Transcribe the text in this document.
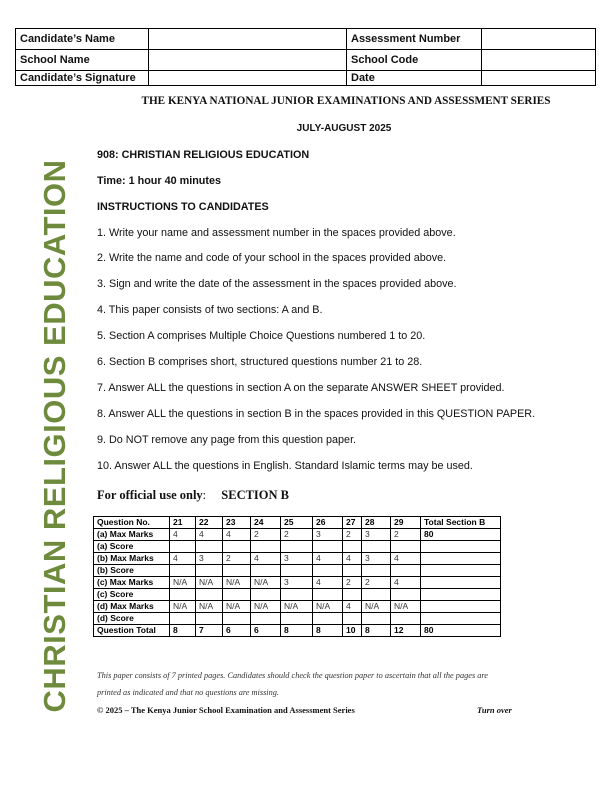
Candidate’s Name		Assessment Number	
School Name		School Code	
Candidate’s Signature		Date	
THE KENYA NATIONAL JUNIOR EXAMINATIONS AND ASSESSMENT SERIES
JULY-AUGUST 2025
908: CHRISTIAN RELIGIOUS EDUCATION
Time: 1 hour 40 minutes
INSTRUCTIONS TO CANDIDATES
CHRISTIAN RELIGIOUS EDUCATION 1. Write your name and assessment number in the spaces provided above.
2. Write the name and code of your school in the spaces provided above.
3. Sign and write the date of the assessment in the spaces provided above.
4. This paper consists of two sections: A and B.
5. Section A comprises Multiple Choice Questions numbered 1 to 20.
6. Section B comprises short, structured questions number 21 to 28.
7. Answer ALL the questions in section A on the separate ANSWER SHEET provided.
8. Answer ALL the questions in section B in the spaces provided in this QUESTION PAPER.
9. Do NOT remove any page from this question paper.
10. Answer ALL the questions in English. Standard Islamic terms may be used.
For official use only: SECTION B
Question No.	21	22	23	24	25	26	27	28	29	Total Section B
(a) Max Marks	4	4	4	2	2	3	2	3	2	80
(a) Score										
(b) Max Marks	4	3	2	4	3	4	4	3	4	
(b) Score										
(c) Max Marks	N/A	N/A	N/A	N/A	3	4	2	2	4	
(c) Score										
(d) Max Marks	N/A	N/A	N/A	N/A	N/A	N/A	4	N/A	N/A	
(d) Score										
Question Total	8	7	6	6	8	8	10	8	12	80
This paper consists of 7 printed pages. Candidates should check the question paper to ascertain that all the pages are
printed as indicated and that no questions are missing.
© 2025 – The Kenya Junior School Examination and Assessment Series	Turn over
